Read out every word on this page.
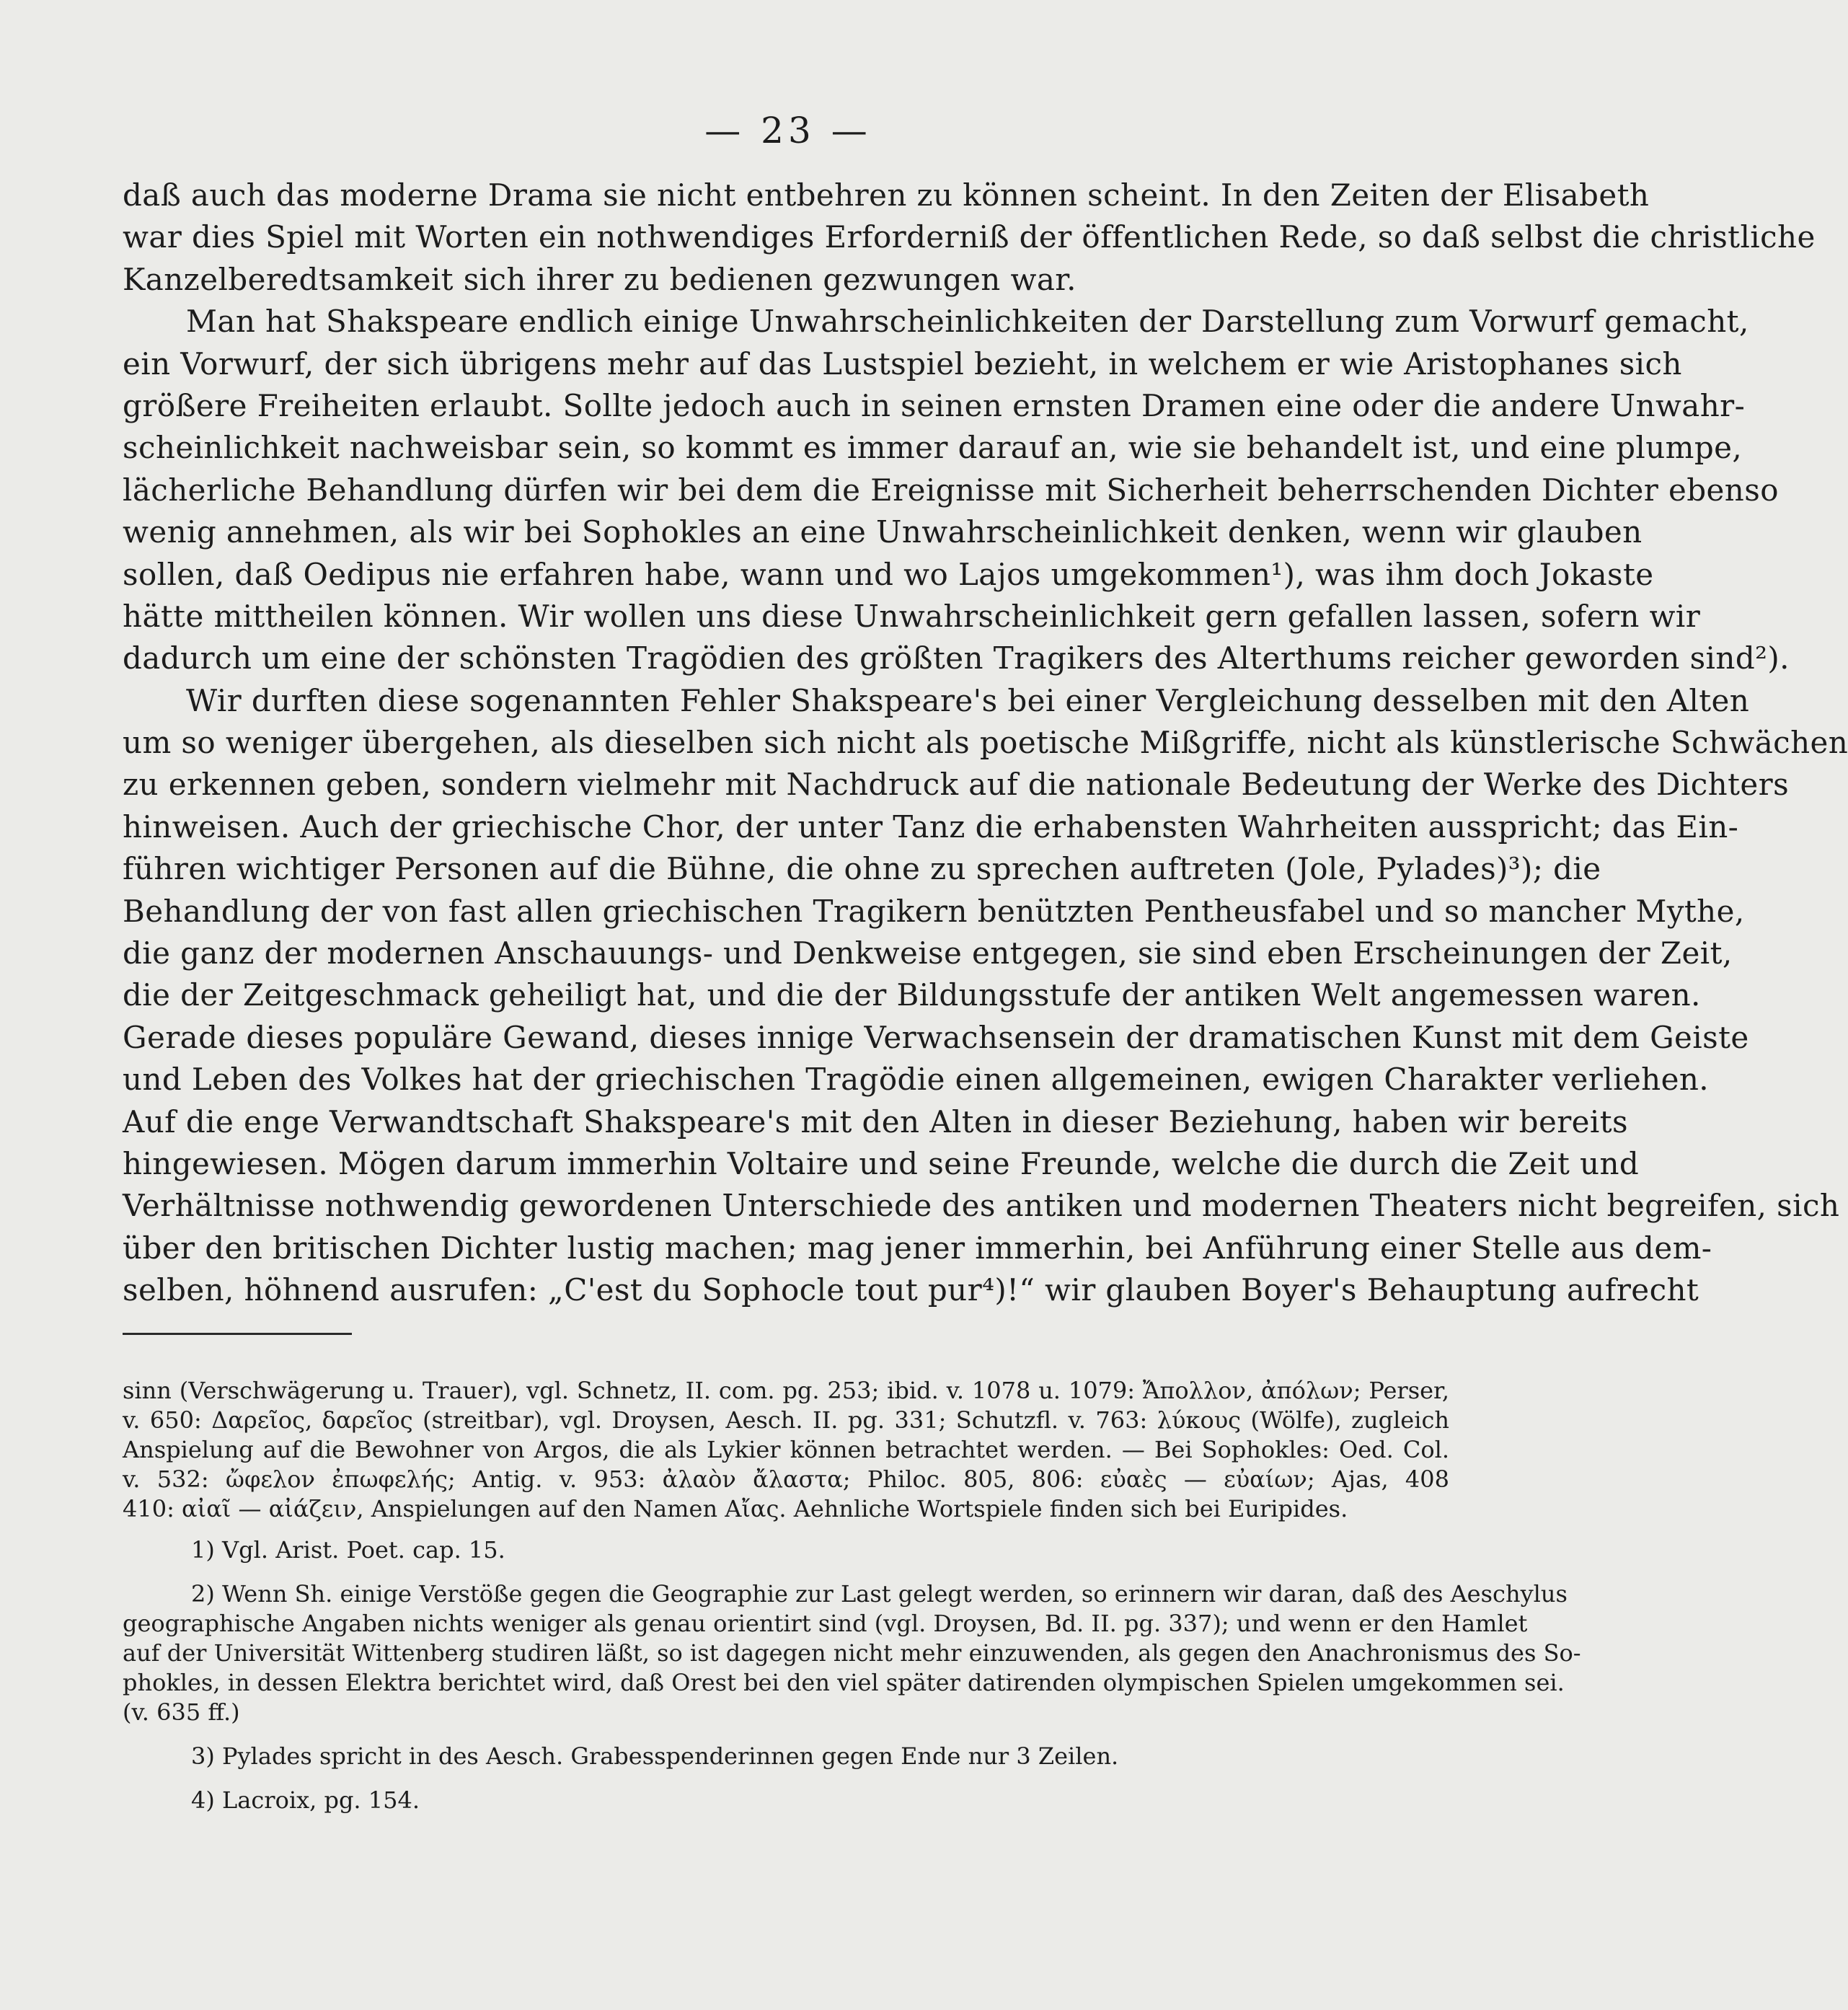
— 23 —
daß auch das moderne Drama sie nicht entbehren zu können scheint. In den Zeiten der Elisabeth
war dies Spiel mit Worten ein nothwendiges Erforderniß der öffentlichen Rede, so daß selbst die christliche
Kanzelberedtsamkeit sich ihrer zu bedienen gezwungen war.
Man hat Shakspeare endlich einige Unwahrscheinlichkeiten der Darstellung zum Vorwurf gemacht,
ein Vorwurf, der sich übrigens mehr auf das Lustspiel bezieht, in welchem er wie Aristophanes sich
größere Freiheiten erlaubt. Sollte jedoch auch in seinen ernsten Dramen eine oder die andere Unwahr-
scheinlichkeit nachweisbar sein, so kommt es immer darauf an, wie sie behandelt ist, und eine plumpe,
lächerliche Behandlung dürfen wir bei dem die Ereignisse mit Sicherheit beherrschenden Dichter ebenso
wenig annehmen, als wir bei Sophokles an eine Unwahrscheinlichkeit denken, wenn wir glauben
sollen, daß Oedipus nie erfahren habe, wann und wo Lajos umgekommen¹), was ihm doch Jokaste
hätte mittheilen können. Wir wollen uns diese Unwahrscheinlichkeit gern gefallen lassen, sofern wir
dadurch um eine der schönsten Tragödien des größten Tragikers des Alterthums reicher geworden sind²).
Wir durften diese sogenannten Fehler Shakspeare's bei einer Vergleichung desselben mit den Alten
um so weniger übergehen, als dieselben sich nicht als poetische Mißgriffe, nicht als künstlerische Schwächen
zu erkennen geben, sondern vielmehr mit Nachdruck auf die nationale Bedeutung der Werke des Dichters
hinweisen. Auch der griechische Chor, der unter Tanz die erhabensten Wahrheiten ausspricht; das Ein-
führen wichtiger Personen auf die Bühne, die ohne zu sprechen auftreten (Jole, Pylades)³); die
Behandlung der von fast allen griechischen Tragikern benützten Pentheusfabel und so mancher Mythe,
die ganz der modernen Anschauungs- und Denkweise entgegen, sie sind eben Erscheinungen der Zeit,
die der Zeitgeschmack geheiligt hat, und die der Bildungsstufe der antiken Welt angemessen waren.
Gerade dieses populäre Gewand, dieses innige Verwachsensein der dramatischen Kunst mit dem Geiste
und Leben des Volkes hat der griechischen Tragödie einen allgemeinen, ewigen Charakter verliehen.
Auf die enge Verwandtschaft Shakspeare's mit den Alten in dieser Beziehung, haben wir bereits
hingewiesen. Mögen darum immerhin Voltaire und seine Freunde, welche die durch die Zeit und
Verhältnisse nothwendig gewordenen Unterschiede des antiken und modernen Theaters nicht begreifen, sich
über den britischen Dichter lustig machen; mag jener immerhin, bei Anführung einer Stelle aus dem-
selben, höhnend ausrufen: „C'est du Sophocle tout pur⁴)!“ wir glauben Boyer's Behauptung aufrecht
sinn (Verschwägerung u. Trauer), vgl. Schnetz, II. com. pg. 253; ibid. v. 1078 u. 1079: Ἄπολλον, ἀπόλων; Perser,
v. 650: Δαρεῖος, δαρεῖος (streitbar), vgl. Droysen, Aesch. II. pg. 331; Schutzfl. v. 763: λύκους (Wölfe), zugleich
Anspielung auf die Bewohner von Argos, die als Lykier können betrachtet werden. — Bei Sophokles: Oed. Col.
v. 532: ὤφελον ἐπωφελής; Antig. v. 953: ἀλαὸν ἄλαστα; Philoc. 805, 806: εὐαὲς — εὐαίων; Ajas, 408
410: αἰαῖ — αἰάζειν, Anspielungen auf den Namen Αἴας. Aehnliche Wortspiele finden sich bei Euripides.
1) Vgl. Arist. Poet. cap. 15.
2) Wenn Sh. einige Verstöße gegen die Geographie zur Last gelegt werden, so erinnern wir daran, daß des Aeschylus
geographische Angaben nichts weniger als genau orientirt sind (vgl. Droysen, Bd. II. pg. 337); und wenn er den Hamlet
auf der Universität Wittenberg studiren läßt, so ist dagegen nicht mehr einzuwenden, als gegen den Anachronismus des So-
phokles, in dessen Elektra berichtet wird, daß Orest bei den viel später datirenden olympischen Spielen umgekommen sei.
(v. 635 ff.)
3) Pylades spricht in des Aesch. Grabesspenderinnen gegen Ende nur 3 Zeilen.
4) Lacroix, pg. 154.
